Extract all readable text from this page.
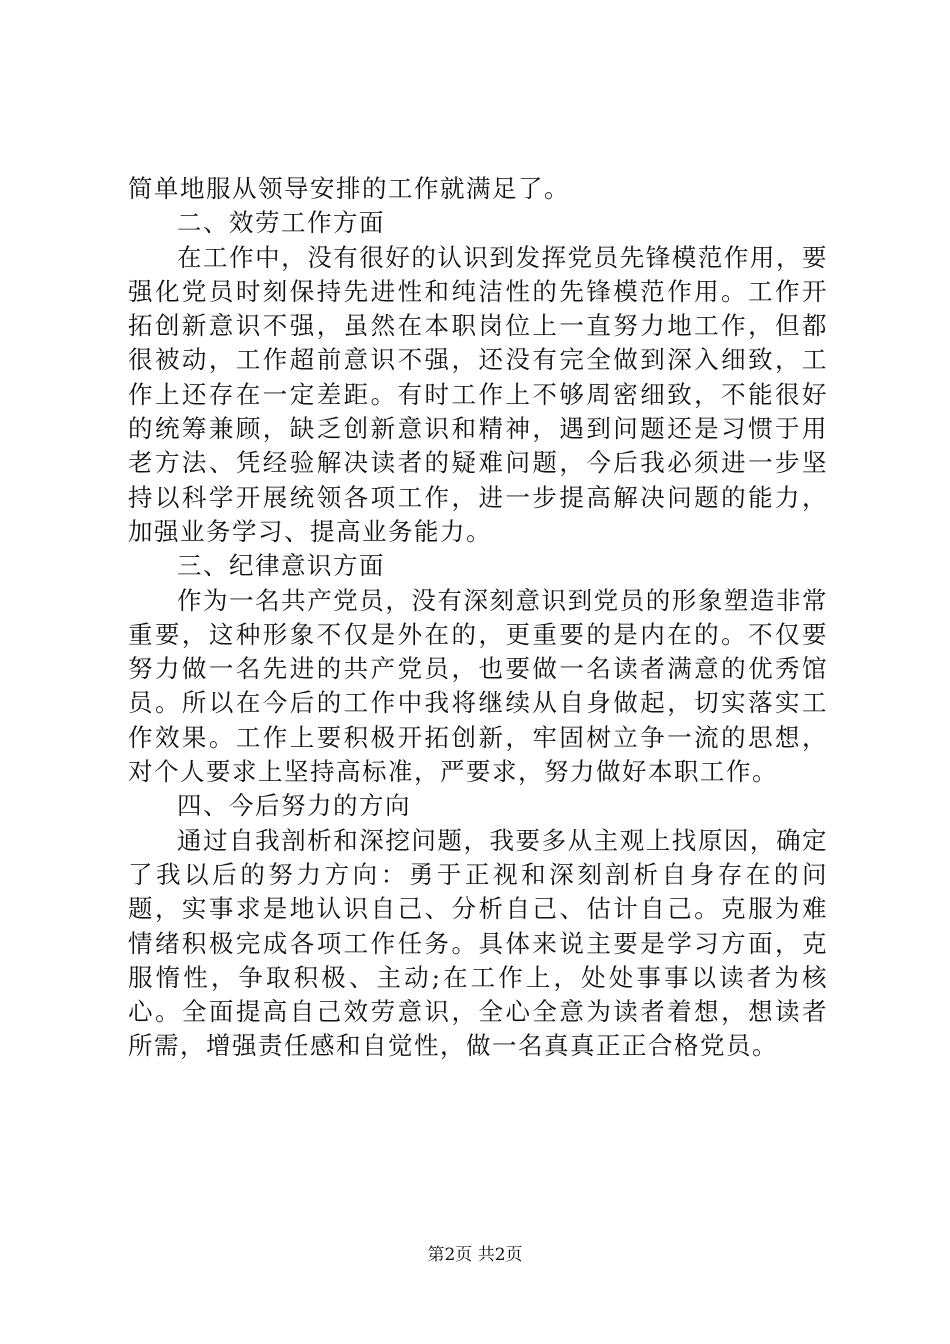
简单地服从领导安排的工作就满足了。

二、效劳工作方面

在工作中，没有很好的认识到发挥党员先锋模范作用，要强化党员时刻保持先进性和纯洁性的先锋模范作用。工作开拓创新意识不强，虽然在本职岗位上一直努力地工作，但都很被动，工作超前意识不强，还没有完全做到深入细致，工作上还存在一定差距。有时工作上不够周密细致，不能很好的统筹兼顾，缺乏创新意识和精神，遇到问题还是习惯于用老方法、凭经验解决读者的疑难问题，今后我必须进一步坚持以科学开展统领各项工作，进一步提高解决问题的能力，加强业务学习、提高业务能力。

三、纪律意识方面

作为一名共产党员，没有深刻意识到党员的形象塑造非常重要，这种形象不仅是外在的，更重要的是内在的。不仅要努力做一名先进的共产党员，也要做一名读者满意的优秀馆员。所以在今后的工作中我将继续从自身做起，切实落实工作效果。工作上要积极开拓创新，牢固树立争一流的思想，对个人要求上坚持高标准，严要求，努力做好本职工作。

四、今后努力的方向

通过自我剖析和深挖问题，我要多从主观上找原因，确定了我以后的努力方向：勇于正视和深刻剖析自身存在的问题，实事求是地认识自己、分析自己、估计自己。克服为难情绪积极完成各项工作任务。具体来说主要是学习方面，克服惰性，争取积极、主动;在工作上，处处事事以读者为核心。全面提高自己效劳意识，全心全意为读者着想，想读者所需，增强责任感和自觉性，做一名真真正正合格党员。

第2页 共2页
